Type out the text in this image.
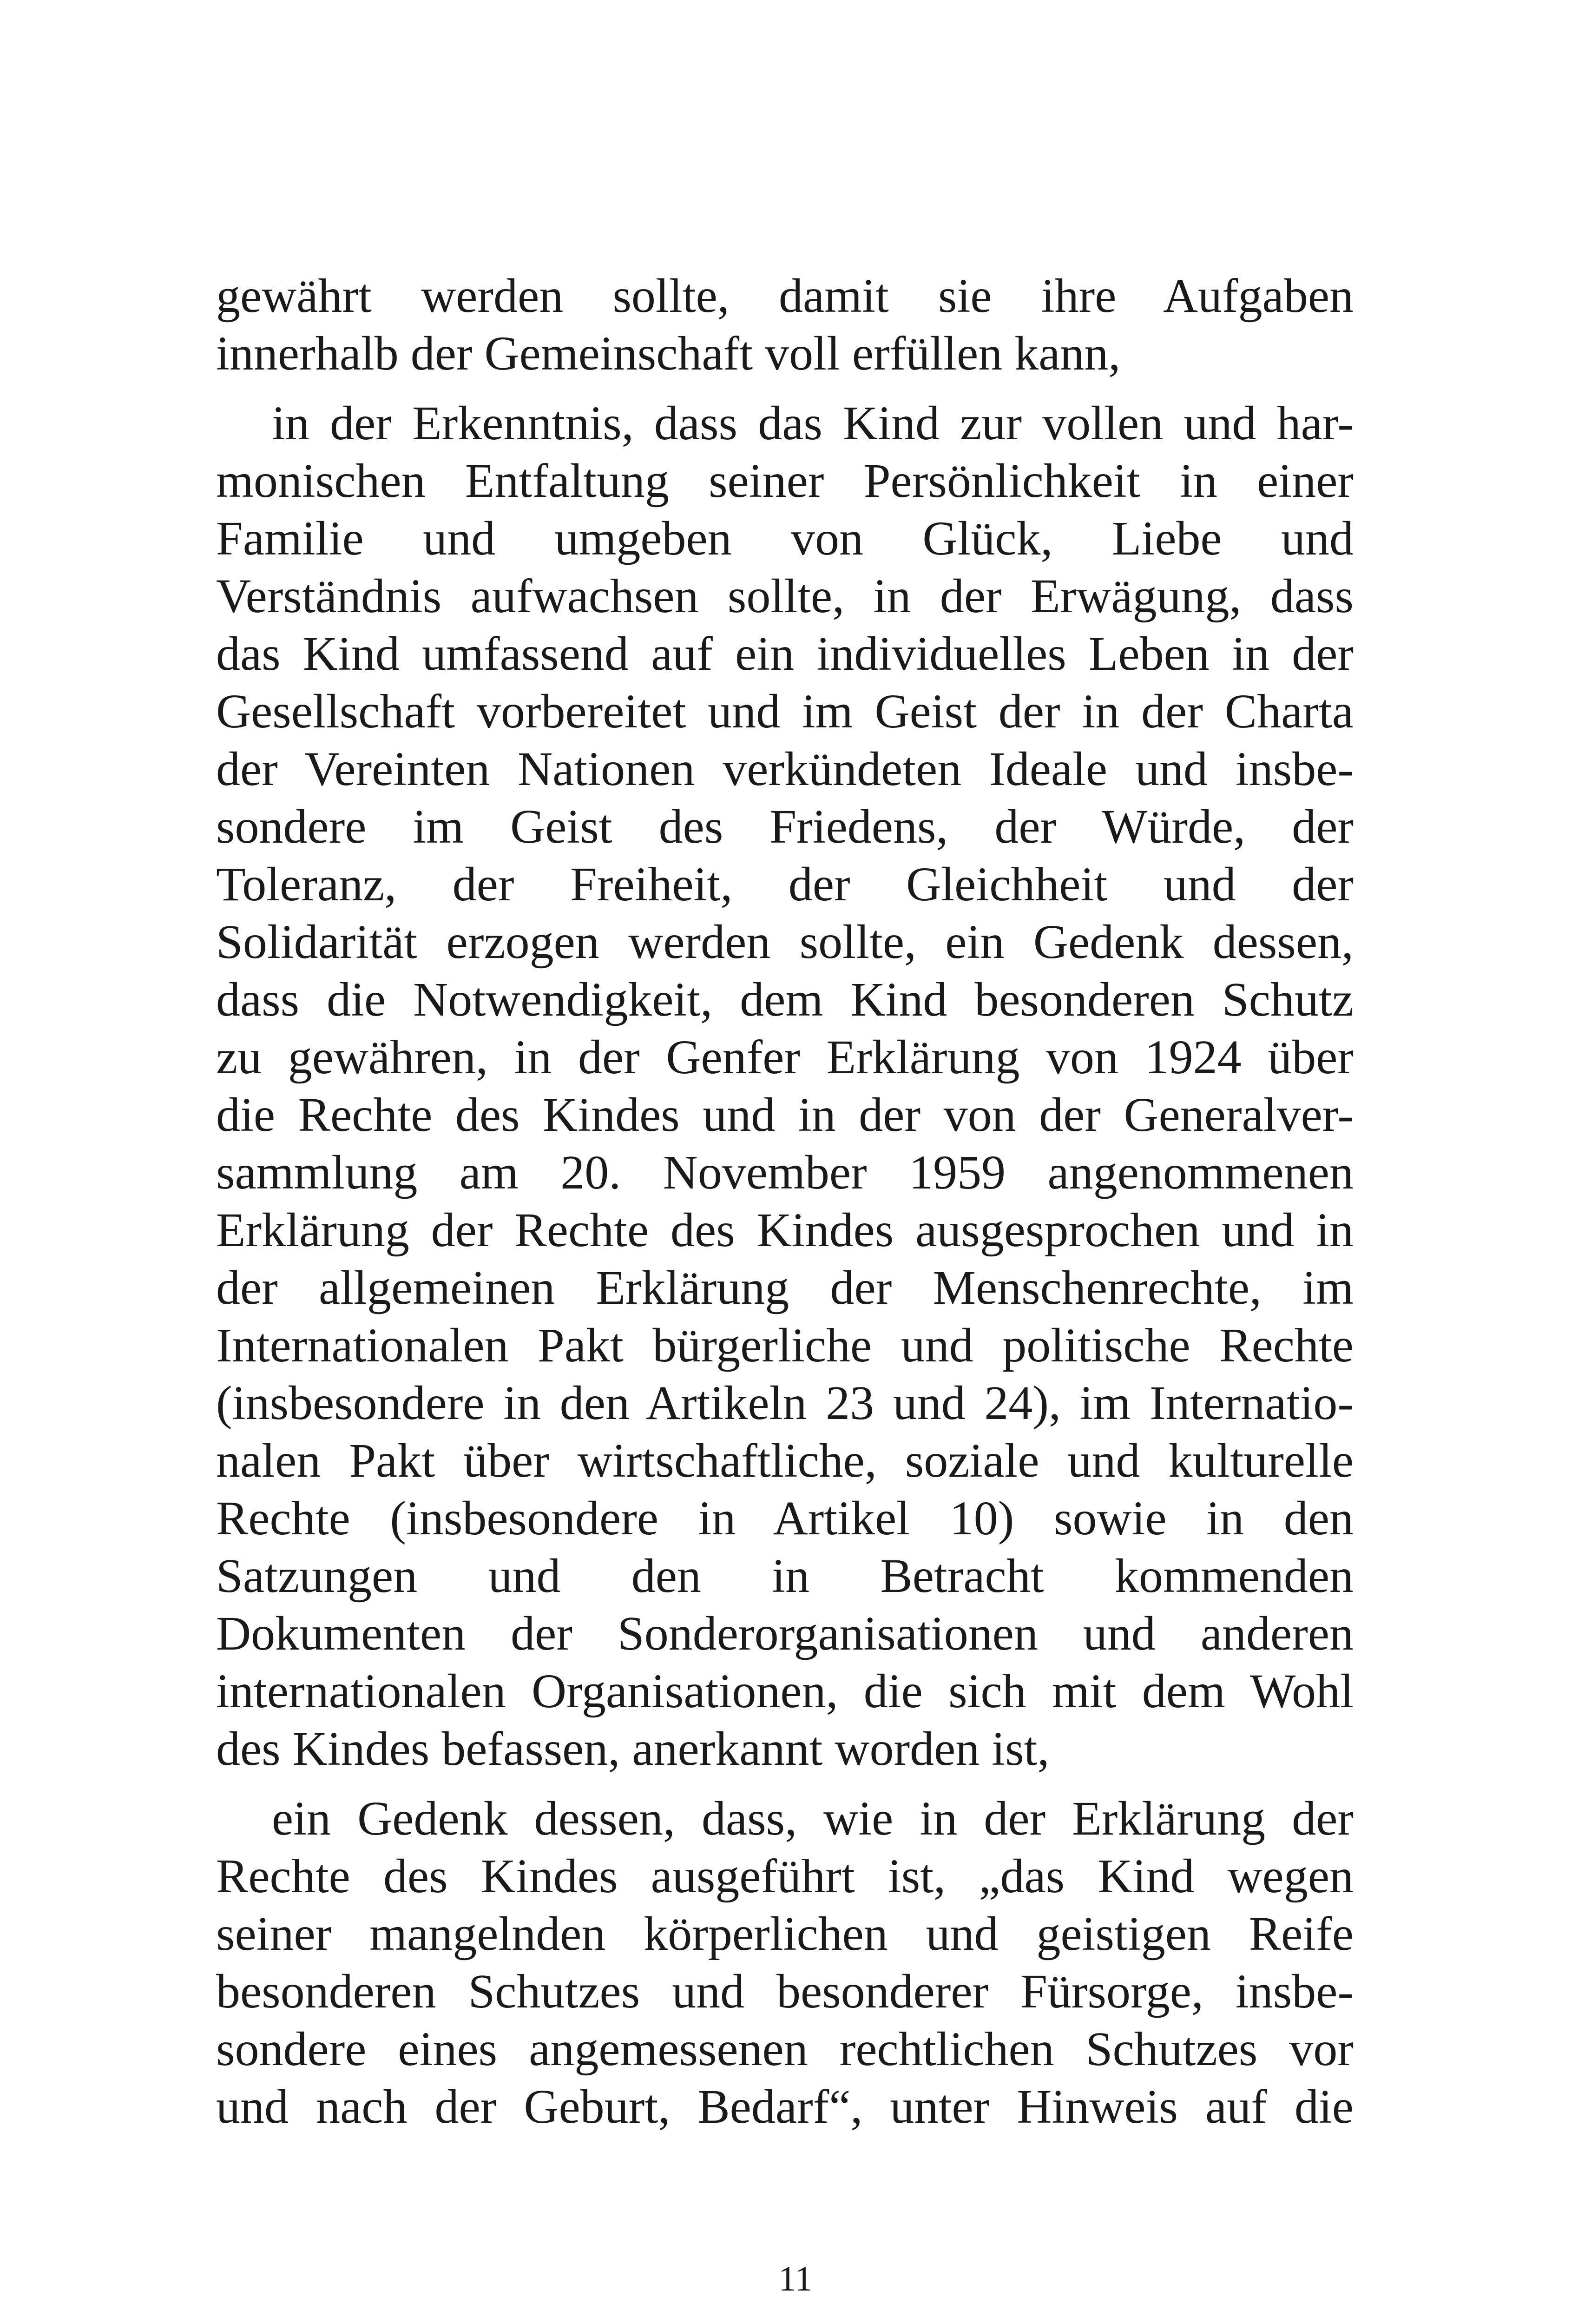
gewährt werden sollte, damit sie ihre Aufgaben
innerhalb der Gemeinschaft voll erfüllen kann,
in der Erkenntnis, dass das Kind zur vollen und har-
monischen Entfaltung seiner Persönlichkeit in einer
Familie und umgeben von Glück, Liebe und
Verständnis aufwachsen sollte, in der Erwägung, dass
das Kind umfassend auf ein individuelles Leben in der
Gesellschaft vorbereitet und im Geist der in der Charta
der Vereinten Nationen verkündeten Ideale und insbe-
sondere im Geist des Friedens, der Würde, der
Toleranz, der Freiheit, der Gleichheit und der
Solidarität erzogen werden sollte, ein Gedenk dessen,
dass die Notwendigkeit, dem Kind besonderen Schutz
zu gewähren, in der Genfer Erklärung von 1924 über
die Rechte des Kindes und in der von der Generalver-
sammlung am 20. November 1959 angenommenen
Erklärung der Rechte des Kindes ausgesprochen und in
der allgemeinen Erklärung der Menschenrechte, im
Internationalen Pakt bürgerliche und politische Rechte
(insbesondere in den Artikeln 23 und 24), im Internatio-
nalen Pakt über wirtschaftliche, soziale und kulturelle
Rechte (insbesondere in Artikel 10) sowie in den
Satzungen und den in Betracht kommenden
Dokumenten der Sonderorganisationen und anderen
internationalen Organisationen, die sich mit dem Wohl
des Kindes befassen, anerkannt worden ist,
ein Gedenk dessen, dass, wie in der Erklärung der
Rechte des Kindes ausgeführt ist, „das Kind wegen
seiner mangelnden körperlichen und geistigen Reife
besonderen Schutzes und besonderer Fürsorge, insbe-
sondere eines angemessenen rechtlichen Schutzes vor
und nach der Geburt, Bedarf“, unter Hinweis auf die
11
